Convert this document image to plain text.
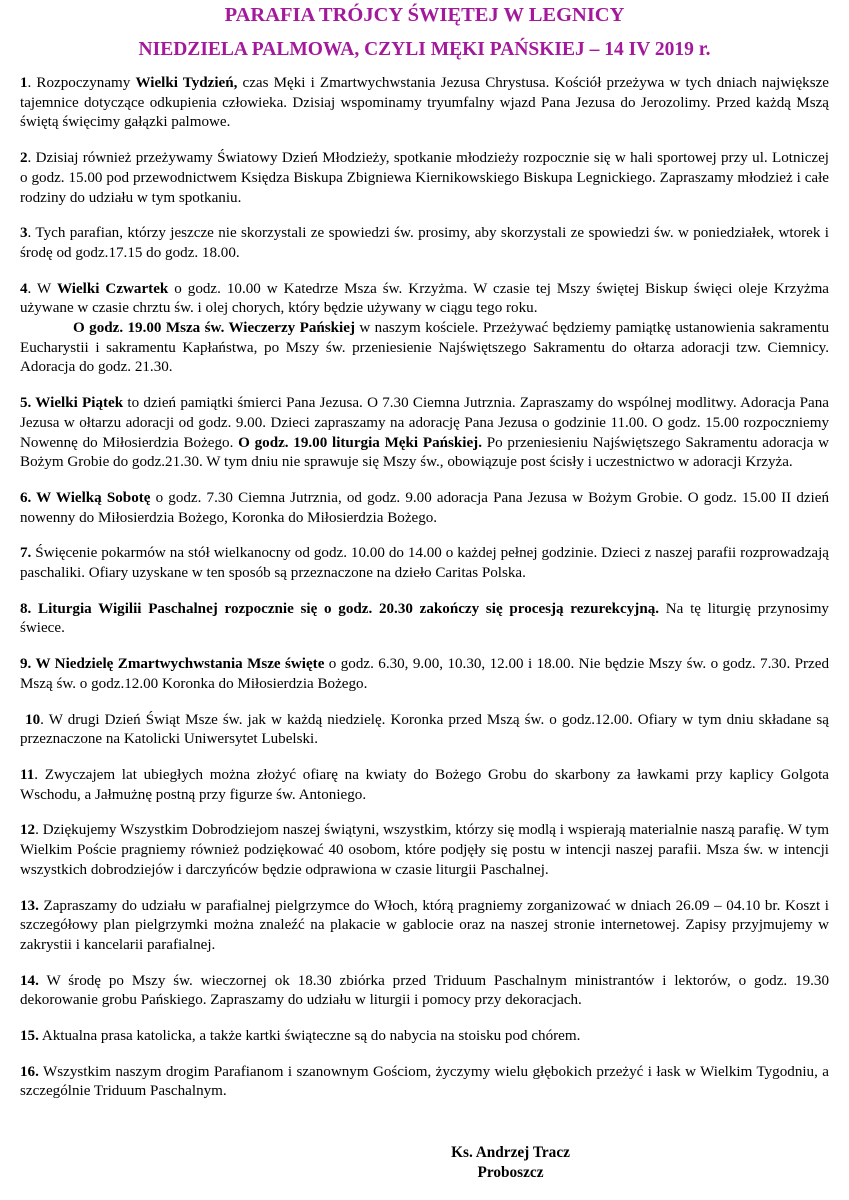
PARAFIA TRÓJCY ŚWIĘTEJ W LEGNICY
NIEDZIELA PALMOWA, CZYLI MĘKI PAŃSKIEJ – 14 IV 2019 r.

1. Rozpoczynamy Wielki Tydzień, czas Męki i Zmartwychwstania Jezusa Chrystusa. Kościół przeżywa w tych dniach największe tajemnice dotyczące odkupienia człowieka. Dzisiaj wspominamy tryumfalny wjazd Pana Jezusa do Jerozolimy. Przed każdą Mszą świętą święcimy gałązki palmowe.

2. Dzisiaj również przeżywamy Światowy Dzień Młodzieży, spotkanie młodzieży rozpocznie się w hali sportowej przy ul. Lotniczej o godz. 15.00 pod przewodnictwem Księdza Biskupa Zbigniewa Kiernikowskiego Biskupa Legnickiego. Zapraszamy młodzież i całe rodziny do udziału w tym spotkaniu.

3. Tych parafian, którzy jeszcze nie skorzystali ze spowiedzi św. prosimy, aby skorzystali ze spowiedzi św. w poniedziałek, wtorek i środę od godz.17.15 do godz. 18.00.

4. W Wielki Czwartek o godz. 10.00 w Katedrze Msza św. Krzyżma. W czasie tej Mszy świętej Biskup święci oleje Krzyżma używane w czasie chrztu św. i olej chorych, który będzie używany w ciągu tego roku.

O godz. 19.00 Msza św. Wieczerzy Pańskiej w naszym kościele. Przeżywać będziemy pamiątkę ustanowienia sakramentu Eucharystii i sakramentu Kapłaństwa, po Mszy św. przeniesienie Najświętszego Sakramentu do ołtarza adoracji tzw. Ciemnicy. Adoracja do godz. 21.30.

5. Wielki Piątek to dzień pamiątki śmierci Pana Jezusa. O 7.30 Ciemna Jutrznia. Zapraszamy do wspólnej modlitwy. Adoracja Pana Jezusa w ołtarzu adoracji od godz. 9.00. Dzieci zapraszamy na adorację Pana Jezusa o godzinie 11.00. O godz. 15.00 rozpoczniemy Nowennę do Miłosierdzia Bożego. O godz. 19.00 liturgia Męki Pańskiej. Po przeniesieniu Najświętszego Sakramentu adoracja w Bożym Grobie do godz.21.30. W tym dniu nie sprawuje się Mszy św., obowiązuje post ścisły i uczestnictwo w adoracji Krzyża.

6. W Wielką Sobotę o godz. 7.30 Ciemna Jutrznia, od godz. 9.00 adoracja Pana Jezusa w Bożym Grobie. O godz. 15.00 II dzień nowenny do Miłosierdzia Bożego, Koronka do Miłosierdzia Bożego.

7. Święcenie pokarmów na stół wielkanocny od godz. 10.00 do 14.00 o każdej pełnej godzinie. Dzieci z naszej parafii rozprowadzają paschaliki. Ofiary uzyskane w ten sposób są przeznaczone na dzieło Caritas Polska.

8. Liturgia Wigilii Paschalnej rozpocznie się o godz. 20.30 zakończy się procesją rezurekcyjną. Na tę liturgię przynosimy świece.

9. W Niedzielę Zmartwychwstania Msze święte o godz. 6.30, 9.00, 10.30, 12.00 i 18.00. Nie będzie Mszy św. o godz. 7.30. Przed Mszą św. o godz.12.00 Koronka do Miłosierdzia Bożego.

10. W drugi Dzień Świąt Msze św. jak w każdą niedzielę. Koronka przed Mszą św. o godz.12.00. Ofiary w tym dniu składane są przeznaczone na Katolicki Uniwersytet Lubelski.

11. Zwyczajem lat ubiegłych można złożyć ofiarę na kwiaty do Bożego Grobu do skarbony za ławkami przy kaplicy Golgota Wschodu, a Jałmużnę postną przy figurze św. Antoniego.

12. Dziękujemy Wszystkim Dobrodziejom naszej świątyni, wszystkim, którzy się modlą i wspierają materialnie naszą parafię. W tym Wielkim Poście pragniemy również podziękować 40 osobom, które podjęły się postu w intencji naszej parafii. Msza św. w intencji wszystkich dobrodziejów i darczyńców będzie odprawiona w czasie liturgii Paschalnej.

13. Zapraszamy do udziału w parafialnej pielgrzymce do Włoch, którą pragniemy zorganizować w dniach 26.09 – 04.10 br. Koszt i szczegółowy plan pielgrzymki można znaleźć na plakacie w gablocie oraz na naszej stronie internetowej. Zapisy przyjmujemy w zakrystii i kancelarii parafialnej.

14. W środę po Mszy św. wieczornej ok 18.30 zbiórka przed Triduum Paschalnym ministrantów i lektorów, o godz. 19.30 dekorowanie grobu Pańskiego. Zapraszamy do udziału w liturgii i pomocy przy dekoracjach.

15. Aktualna prasa katolicka, a także kartki świąteczne są do nabycia na stoisku pod chórem.

16. Wszystkim naszym drogim Parafianom i szanownym Gościom, życzymy wielu głębokich przeżyć i łask w Wielkim Tygodniu, a szczególnie Triduum Paschalnym.

Ks. Andrzej Tracz
Proboszcz
